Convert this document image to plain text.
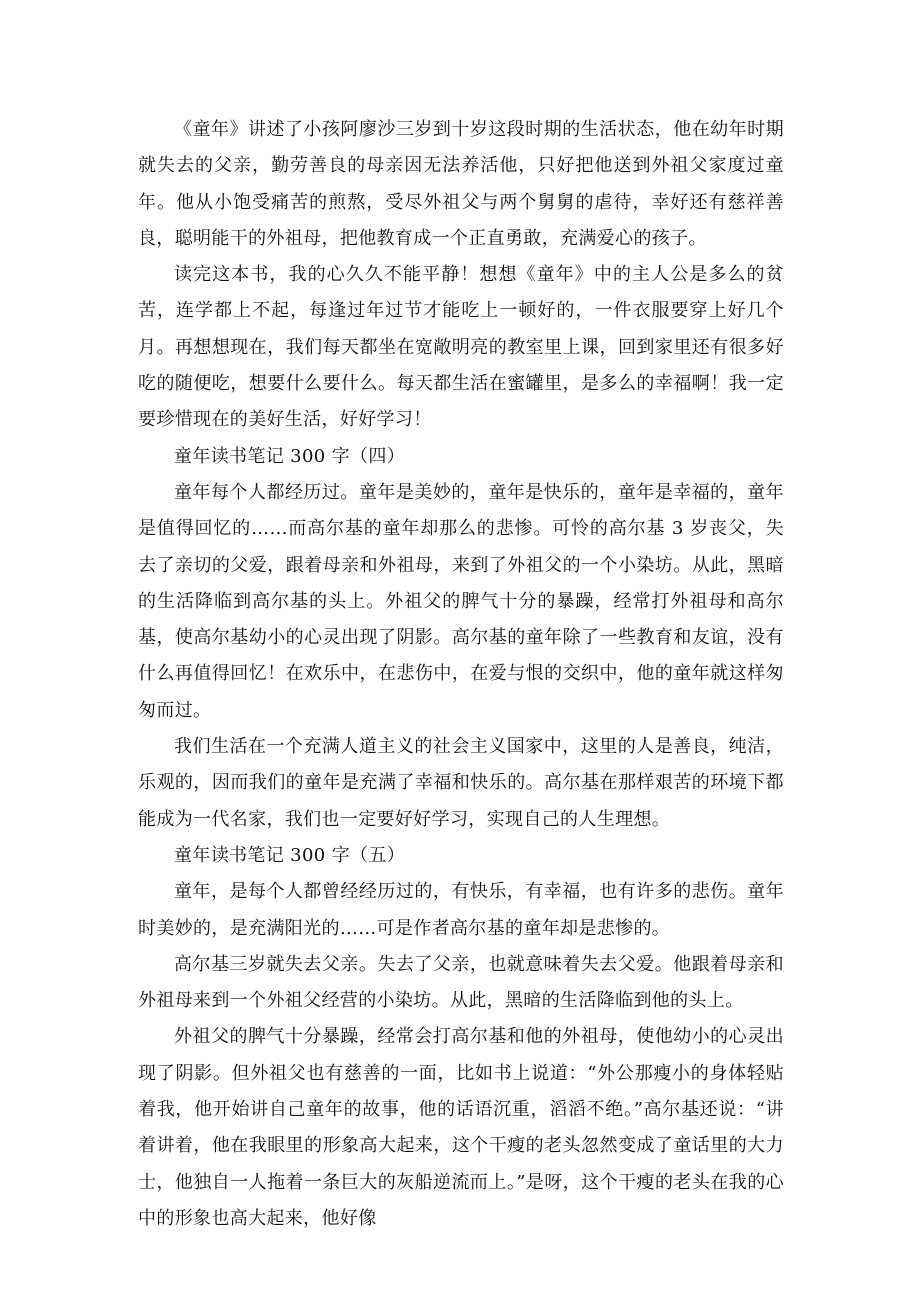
《童年》讲述了小孩阿廖沙三岁到十岁这段时期的生活状态，他在幼年时期就失去的父亲，勤劳善良的母亲因无法养活他，只好把他送到外祖父家度过童年。他从小饱受痛苦的煎熬，受尽外祖父与两个舅舅的虐待，幸好还有慈祥善良，聪明能干的外祖母，把他教育成一个正直勇敢，充满爱心的孩子。

读完这本书，我的心久久不能平静！想想《童年》中的主人公是多么的贫苦，连学都上不起，每逢过年过节才能吃上一顿好的，一件衣服要穿上好几个月。再想想现在，我们每天都坐在宽敞明亮的教室里上课，回到家里还有很多好吃的随便吃，想要什么要什么。每天都生活在蜜罐里，是多么的幸福啊！我一定要珍惜现在的美好生活，好好学习！

童年读书笔记 300 字（四）

童年每个人都经历过。童年是美妙的，童年是快乐的，童年是幸福的，童年是值得回忆的……而高尔基的童年却那么的悲惨。可怜的高尔基 3 岁丧父，失去了亲切的父爱，跟着母亲和外祖母，来到了外祖父的一个小染坊。从此，黑暗的生活降临到高尔基的头上。外祖父的脾气十分的暴躁，经常打外祖母和高尔基，使高尔基幼小的心灵出现了阴影。高尔基的童年除了一些教育和友谊，没有什么再值得回忆！在欢乐中，在悲伤中，在爱与恨的交织中，他的童年就这样匆匆而过。

我们生活在一个充满人道主义的社会主义国家中，这里的人是善良，纯洁，乐观的，因而我们的童年是充满了幸福和快乐的。高尔基在那样艰苦的环境下都能成为一代名家，我们也一定要好好学习，实现自己的人生理想。

童年读书笔记 300 字（五）

童年，是每个人都曾经经历过的，有快乐，有幸福，也有许多的悲伤。童年时美妙的，是充满阳光的……可是作者高尔基的童年却是悲惨的。

高尔基三岁就失去父亲。失去了父亲，也就意味着失去父爱。他跟着母亲和外祖母来到一个外祖父经营的小染坊。从此，黑暗的生活降临到他的头上。

外祖父的脾气十分暴躁，经常会打高尔基和他的外祖母，使他幼小的心灵出现了阴影。但外祖父也有慈善的一面，比如书上说道：“外公那瘦小的身体轻贴着我，他开始讲自己童年的故事，他的话语沉重，滔滔不绝。”高尔基还说：“讲着讲着，他在我眼里的形象高大起来，这个干瘦的老头忽然变成了童话里的大力士，他独自一人拖着一条巨大的灰船逆流而上。”是呀，这个干瘦的老头在我的心中的形象也高大起来，他好像
